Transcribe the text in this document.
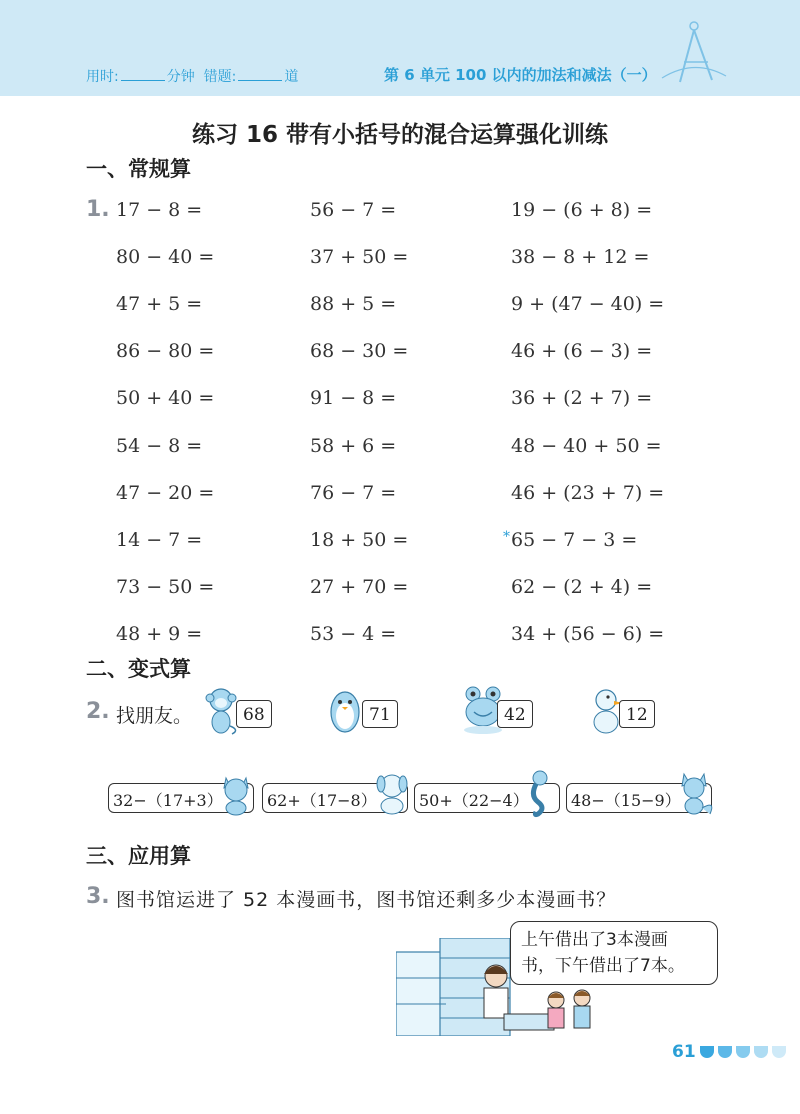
用时:	分钟 错题:	道	第 6 单元 100 以内的加法和减法（一）
练习 16 带有小括号的混合运算强化训练
一、常规算
1. 17 − 8 =	56 − 7 =	19 − (6 + 8) =
80 − 40 =	37 + 50 =	38 − 8 + 12 =
47 + 5 =	88 + 5 =	9 + (47 − 40) =
86 − 80 =	68 − 30 =	46 + (6 − 3) =
50 + 40 =	91 − 8 =	36 + (2 + 7) =
54 − 8 =	58 + 6 =	48 − 40 + 50 =
47 − 20 =	76 − 7 =	46 + (23 + 7) =
14 − 7 =	18 + 50 =	*65 − 7 − 3 =
73 − 50 =	27 + 70 =	62 − (2 + 4) =
48 + 9 =	53 − 4 =	34 + (56 − 6) =
二、变式算
2. 找朋友。	68	71	42	12
32−（17+3）	62+（17−8）	50+（22−4）	48−（15−9）
三、应用算
3. 图书馆运进了 52 本漫画书，图书馆还剩多少本漫画书？
上午借出了3本漫画
书，下午借出了7本。
61
